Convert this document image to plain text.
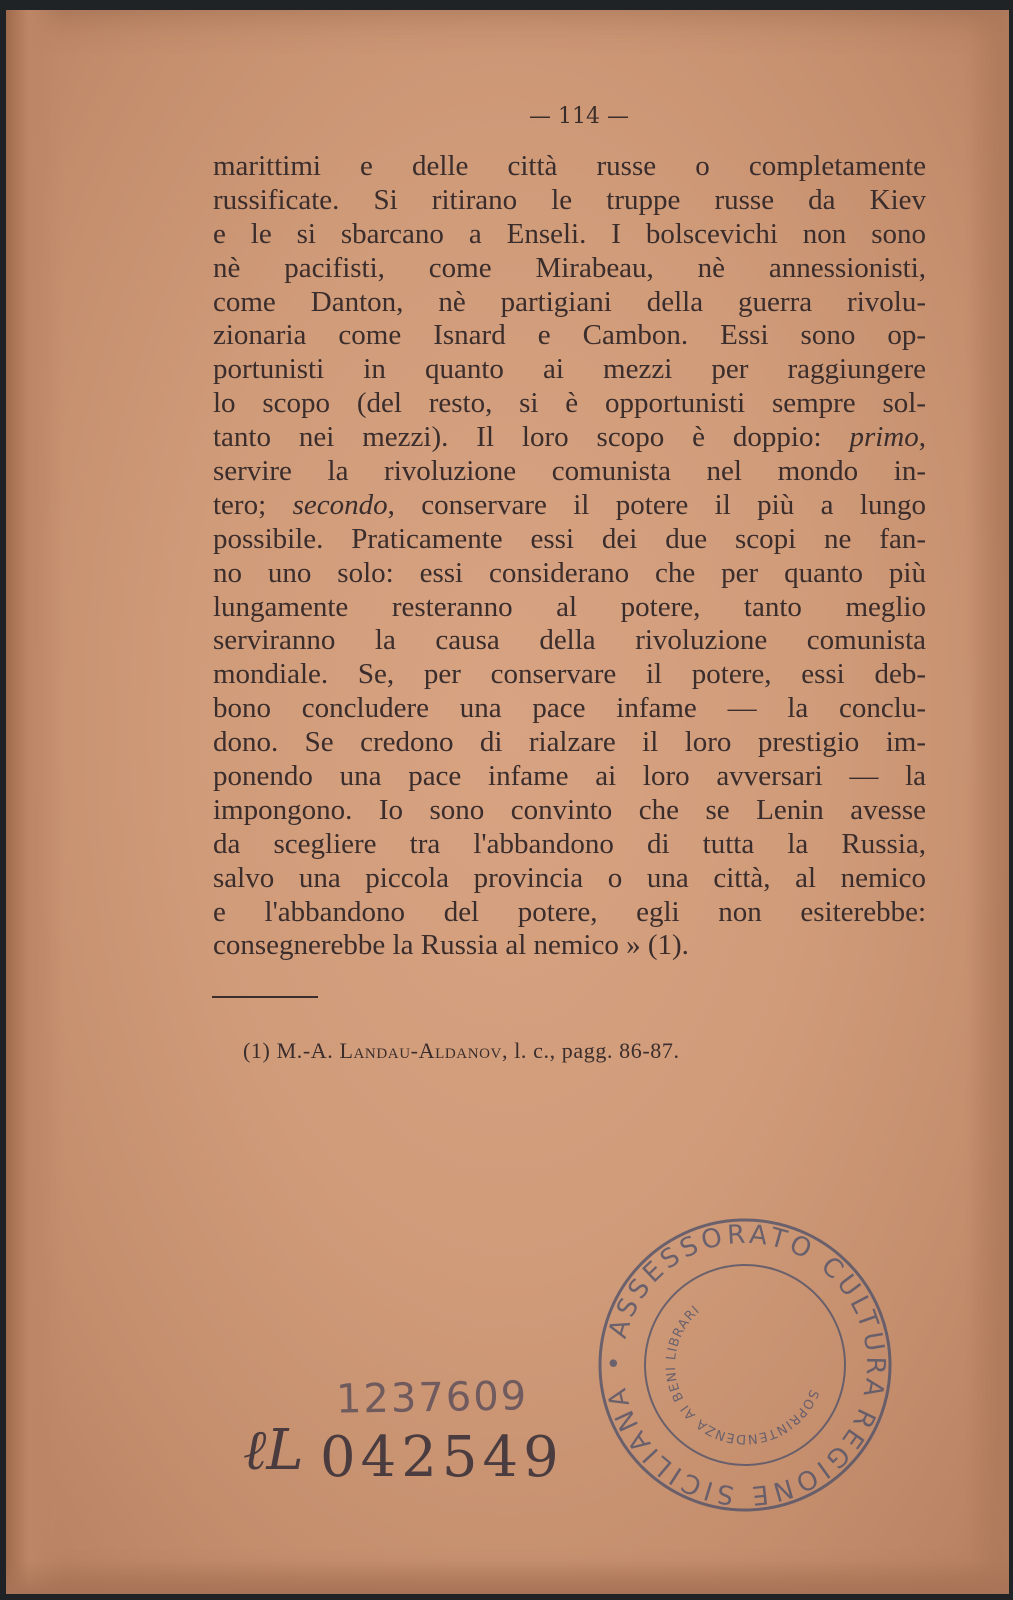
— 114 —
marittimi e delle città russe o completamente
russificate. Si ritirano le truppe russe da Kiev
e le si sbarcano a Enseli. I bolscevichi non sono
nè pacifisti, come Mirabeau, nè annessionisti,
come Danton, nè partigiani della guerra rivolu-
zionaria come Isnard e Cambon. Essi sono op-
portunisti in quanto ai mezzi per raggiungere
lo scopo (del resto, si è opportunisti sempre sol-
tanto nei mezzi). Il loro scopo è doppio: primo,
servire la rivoluzione comunista nel mondo in-
tero; secondo, conservare il potere il più a lungo
possibile. Praticamente essi dei due scopi ne fan-
no uno solo: essi considerano che per quanto più
lungamente resteranno al potere, tanto meglio
serviranno la causa della rivoluzione comunista
mondiale. Se, per conservare il potere, essi deb-
bono concludere una pace infame — la conclu-
dono. Se credono di rialzare il loro prestigio im-
ponendo una pace infame ai loro avversari — la
impongono. Io sono convinto che se Lenin avesse
da scegliere tra l'abbandono di tutta la Russia,
salvo una piccola provincia o una città, al nemico
e l'abbandono del potere, egli non esiterebbe:
consegnerebbe la Russia al nemico » (1).
(1) M.-A. Landau-Aldanov, l. c., pagg. 86-87.
1237609
ℓL 042549
REGIONE SICILIANA • ASSESSORATO CULTURA
SOPRINTENDENZA AI BENI LIBRARI
